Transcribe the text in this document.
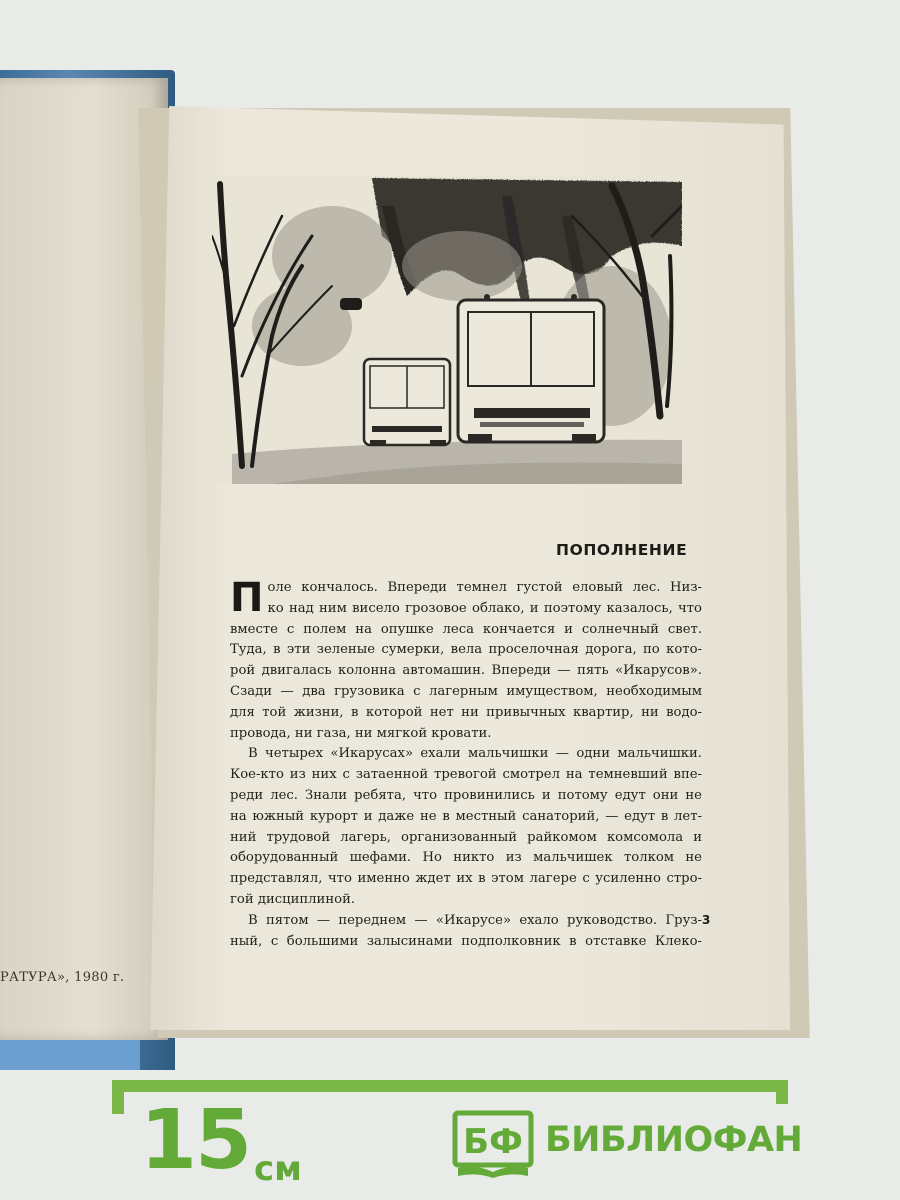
РАТУРА», 1980 г.
ПОПОЛНЕНИЕ
П оле кончалось. Впереди темнел густой еловый лес. Низ-
ко над ним висело грозовое облако, и поэтому казалось, что
вместе с полем на опушке леса кончается и солнечный свет.
Туда, в эти зеленые сумерки, вела проселочная дорога, по кото-
рой двигалась колонна автомашин. Впереди — пять «Икарусов».
Сзади — два грузовика с лагерным имуществом, необходимым
для той жизни, в которой нет ни привычных квартир, ни водо-
провода, ни газа, ни мягкой кровати.
В четырех «Икарусах» ехали мальчишки — одни мальчишки.
Кое-кто из них с затаенной тревогой смотрел на темневший впе-
реди лес. Знали ребята, что провинились и потому едут они не
на южный курорт и даже не в местный санаторий, — едут в лет-
ний трудовой лагерь, организованный райкомом комсомола и
оборудованный шефами. Но никто из мальчишек толком не
представлял, что именно ждет их в этом лагере с усиленно стро-
гой дисциплиной.
В пятом — переднем — «Икарусе» ехало руководство. Груз-
ный, с большими залысинами подполковник в отставке Клеко-
3
15 см
БФ БИБЛИОФАН
